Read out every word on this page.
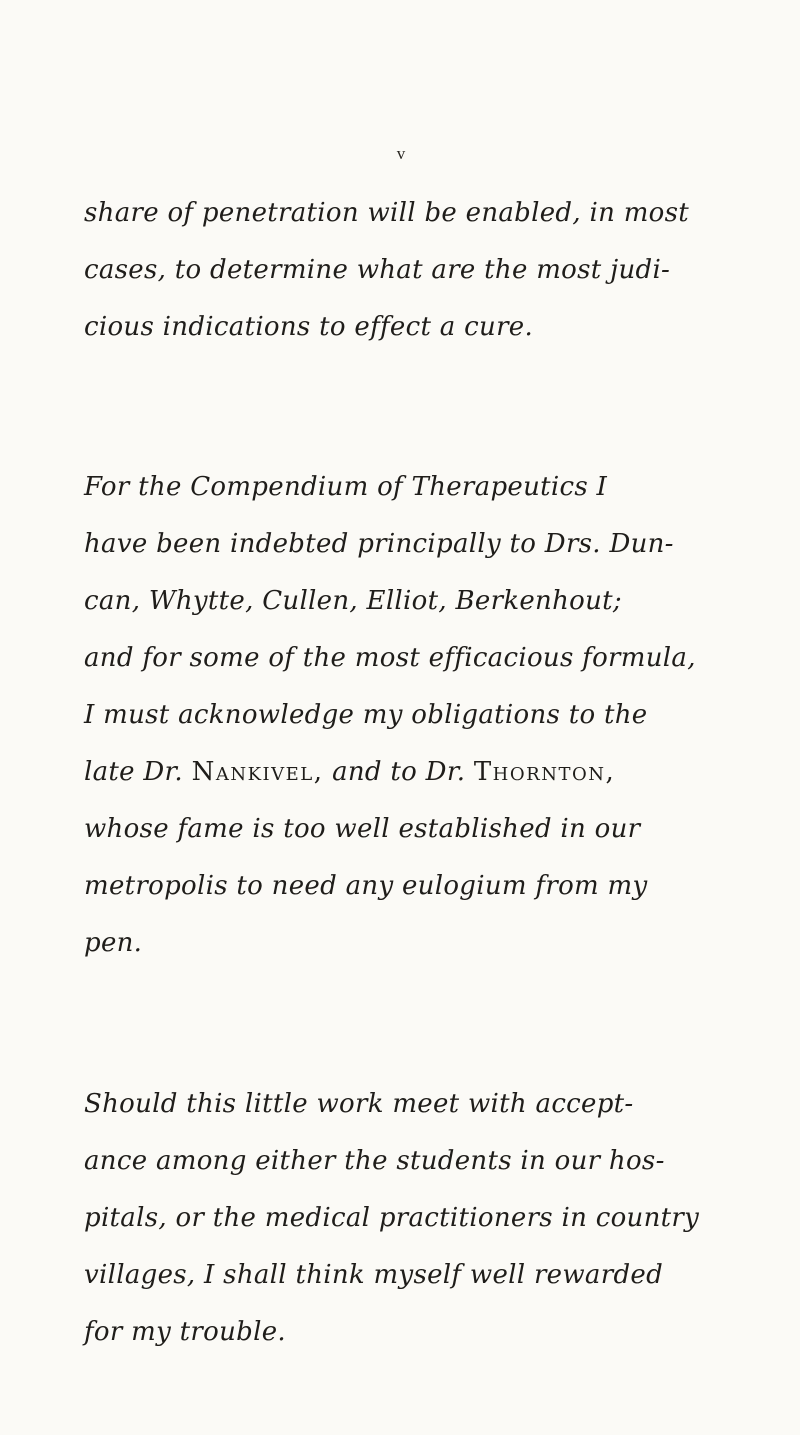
v
share of penetration will be enabled, in most
cases, to determine what are the most judi-
cious indications to effect a cure.
For the Compendium of Therapeutics I
have been indebted principally to Drs. Dun-
can, Whytte, Cullen, Elliot, Berkenhout;
and for some of the most efficacious formula,
I must acknowledge my obligations to the
late Dr. Nankivel, and to Dr. Thornton,
whose fame is too well established in our
metropolis to need any eulogium from my
pen.
Should this little work meet with accept-
ance among either the students in our hos-
pitals, or the medical practitioners in country
villages, I shall think myself well rewarded
for my trouble.
